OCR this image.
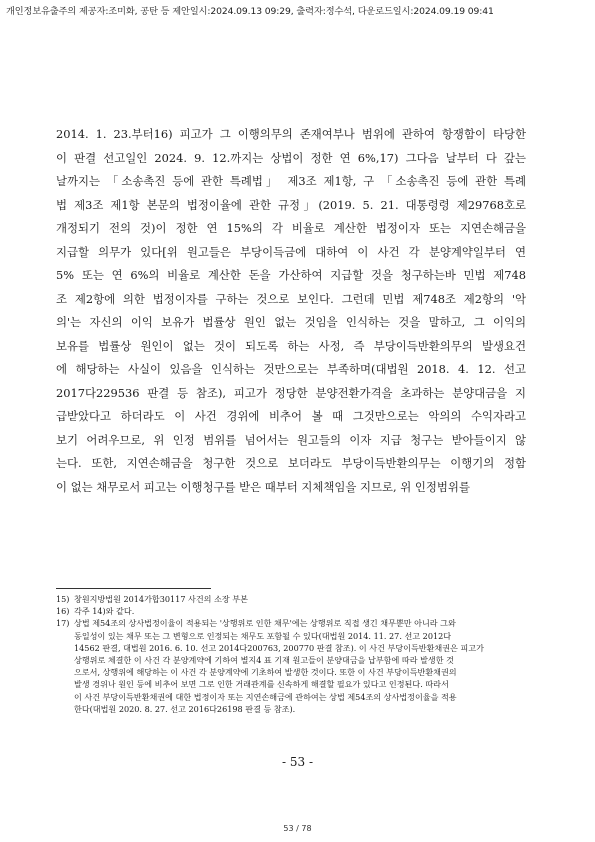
개인정보유출주의 제공자:조미화, 공탄 등 제안일시:2024.09.13 09:29, 출력자:정수석, 다운로드일시:2024.09.19 09:41
2014. 1. 23.부터16) 피고가 그 이행의무의 존재여부나 범위에 관하여 항쟁함이 타당한
이 판결 선고일인 2024. 9. 12.까지는 상법이 정한 연 6%,17) 그다음 날부터 다 갚는
날까지는 「소송촉진 등에 관한 특례법」 제3조 제1항, 구 「소송촉진 등에 관한 특례
법 제3조 제1항 본문의 법정이율에 관한 규정」(2019. 5. 21. 대통령령 제29768호로
개정되기 전의 것)이 정한 연 15%의 각 비율로 계산한 법정이자 또는 지연손해금을
지급할 의무가 있다[위 원고들은 부당이득금에 대하여 이 사건 각 분양계약일부터 연
5% 또는 연 6%의 비율로 계산한 돈을 가산하여 지급할 것을 청구하는바 민법 제748
조 제2항에 의한 법정이자를 구하는 것으로 보인다. 그런데 민법 제748조 제2항의 '악
의'는 자신의 이익 보유가 법률상 원인 없는 것임을 인식하는 것을 말하고, 그 이익의
보유를 법률상 원인이 없는 것이 되도록 하는 사정, 즉 부당이득반환의무의 발생요건
에 해당하는 사실이 있음을 인식하는 것만으로는 부족하며(대법원 2018. 4. 12. 선고
2017다229536 판결 등 참조), 피고가 정당한 분양전환가격을 초과하는 분양대금을 지
급받았다고 하더라도 이 사건 경위에 비추어 볼 때 그것만으로는 악의의 수익자라고
보기 어려우므로, 위 인정 범위를 넘어서는 원고들의 이자 지급 청구는 받아들이지 않
는다. 또한, 지연손해금을 청구한 것으로 보더라도 부당이득반환의무는 이행기의 정함
이 없는 채무로서 피고는 이행청구를 받은 때부터 지체책임을 지므로, 위 인정범위를
15) 창원지방법원 2014가합30117 사건의 소장 부본
16) 각주 14)와 같다.
17) 상법 제54조의 상사법정이율이 적용되는 '상행위로 인한 채무'에는 상행위로 직접 생긴 채무뿐만 아니라 그와
동일성이 있는 채무 또는 그 변형으로 인정되는 채무도 포함될 수 있다(대법원 2014. 11. 27. 선고 2012다
14562 판결, 대법원 2016. 6. 10. 선고 2014다200763, 200770 판결 참조). 이 사건 부당이득반환채권은 피고가
상행위로 체결한 이 사건 각 분양계약에 기하여 별지4 표 기재 원고들이 분양대금을 납부함에 따라 발생한 것
으로서, 상행위에 해당하는 이 사건 각 분양계약에 기초하여 발생한 것이다. 또한 이 사건 부당이득반환채권의
발생 경위나 원인 등에 비추어 보면 그로 인한 거래관계를 신속하게 해결할 필요가 있다고 인정된다. 따라서
이 사건 부당이득반환채권에 대한 법정이자 또는 지연손해금에 관하여는 상법 제54조의 상사법정이율을 적용
한다(대법원 2020. 8. 27. 선고 2016다26198 판결 등 참조).
- 53 -
53 / 78
